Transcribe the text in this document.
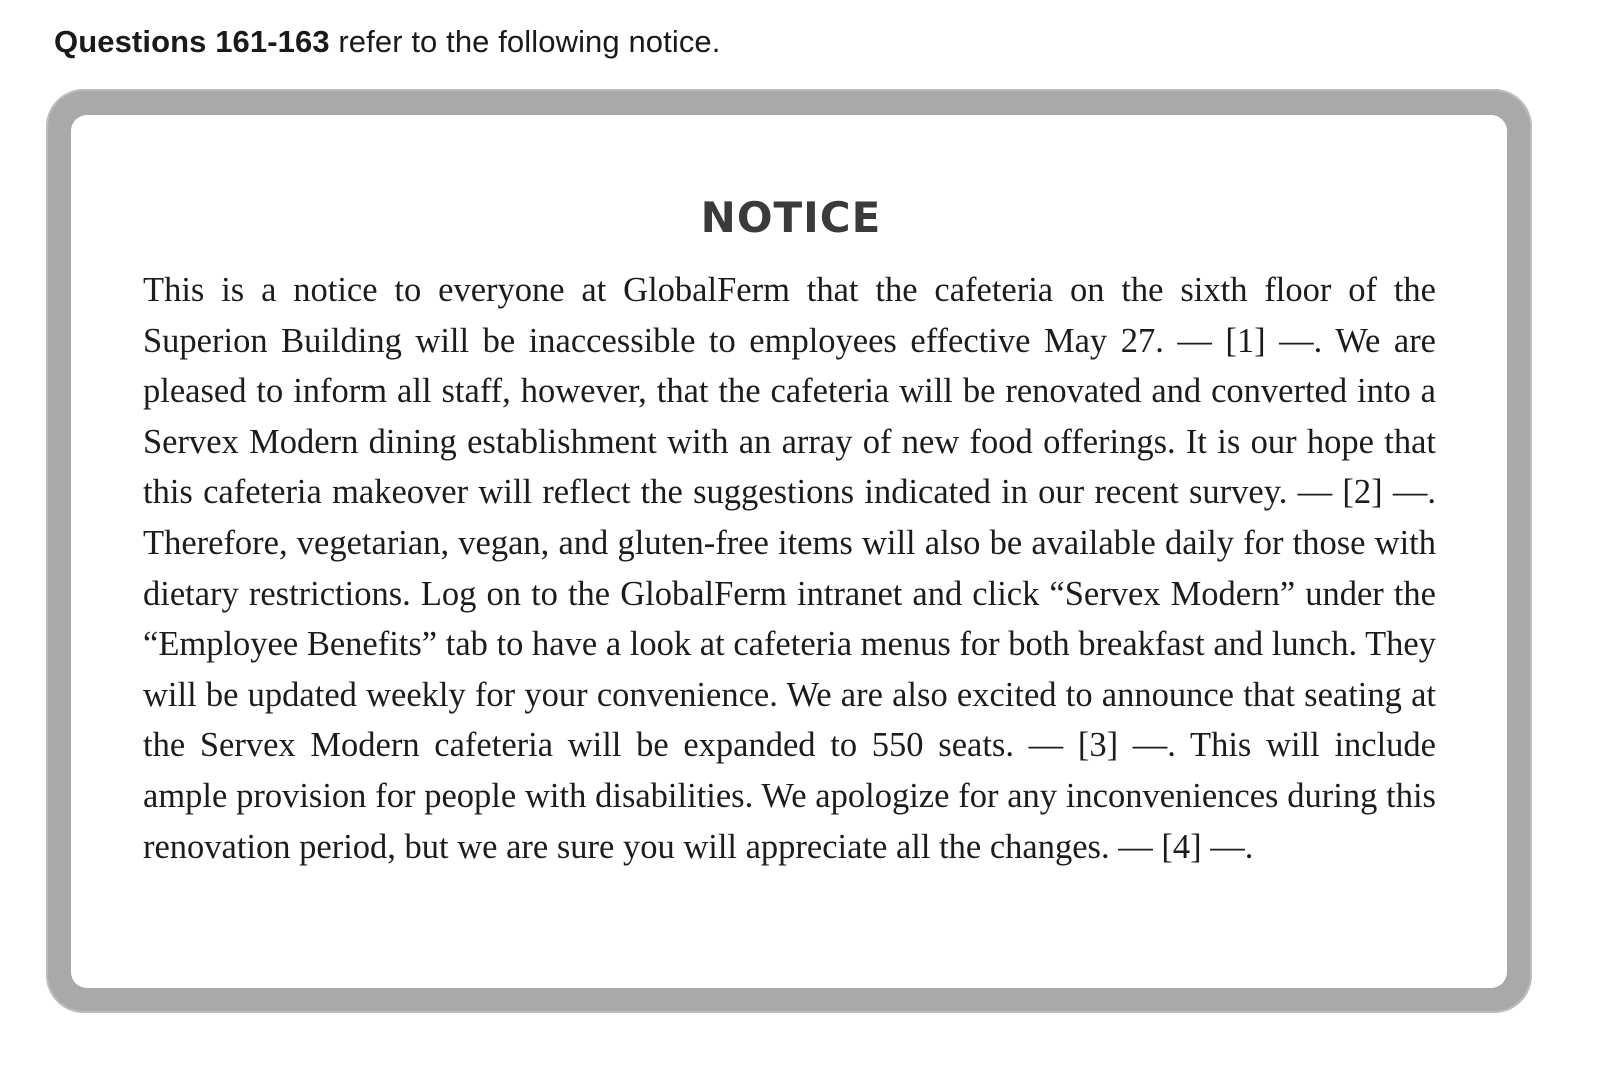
Questions 161-163 refer to the following notice.
NOTICE

This is a notice to everyone at GlobalFerm that the cafeteria on the sixth floor of the Superion Building will be inaccessible to employees effective May 27. — [1] —. We are pleased to inform all staff, however, that the cafeteria will be renovated and converted into a Servex Modern dining establishment with an array of new food offerings. It is our hope that this cafeteria makeover will reflect the suggestions indicated in our recent survey. — [2] —. Therefore, vegetarian, vegan, and gluten-free items will also be available daily for those with dietary restrictions. Log on to the GlobalFerm intranet and click “Servex Modern” under the “Employee Benefits” tab to have a look at cafeteria menus for both breakfast and lunch. They will be updated weekly for your convenience. We are also excited to announce that seating at the Servex Modern cafeteria will be expanded to 550 seats. — [3] —. This will include ample provision for people with disabilities. We apologize for any inconveniences during this renovation period, but we are sure you will appreciate all the changes. — [4] —.
